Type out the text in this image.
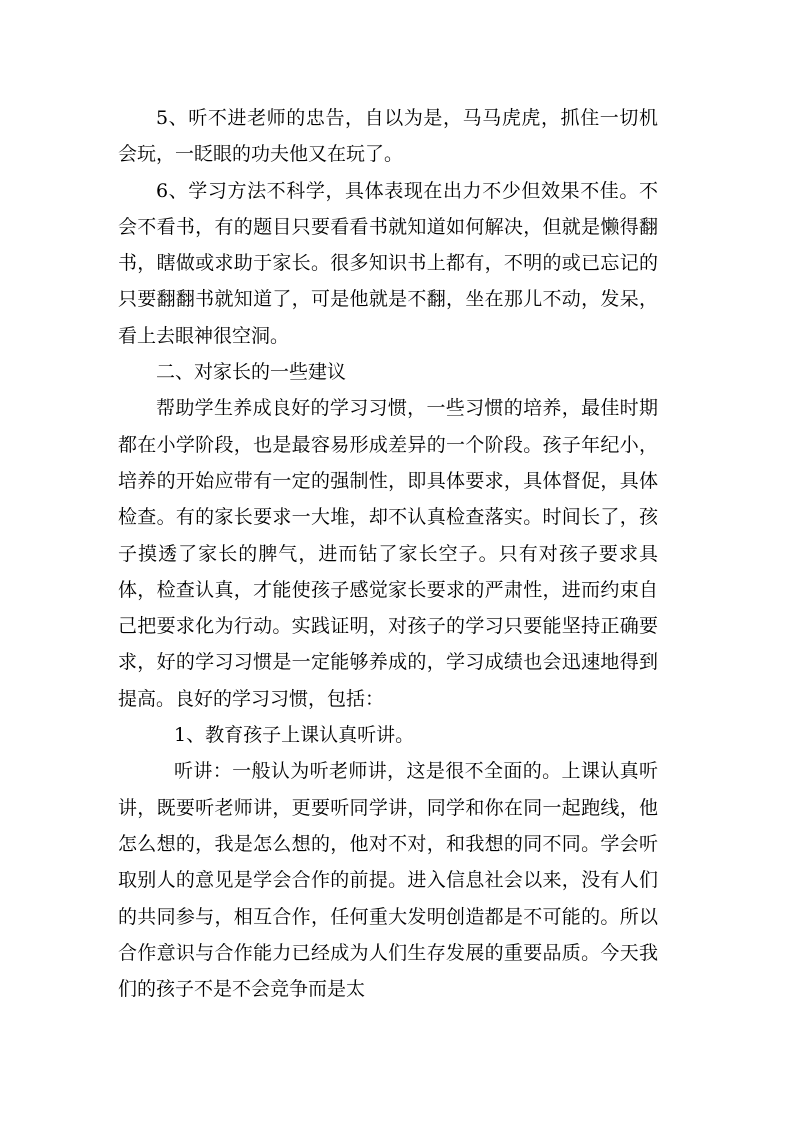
5、听不进老师的忠告，自以为是，马马虎虎，抓住一切机会玩，一眨眼的功夫他又在玩了。

6、学习方法不科学，具体表现在出力不少但效果不佳。不会不看书，有的题目只要看看书就知道如何解决，但就是懒得翻书，瞎做或求助于家长。很多知识书上都有，不明的或已忘记的只要翻翻书就知道了，可是他就是不翻，坐在那儿不动，发呆，看上去眼神很空洞。

二、对家长的一些建议

帮助学生养成良好的学习习惯，一些习惯的培养，最佳时期都在小学阶段，也是最容易形成差异的一个阶段。孩子年纪小，培养的开始应带有一定的强制性，即具体要求，具体督促，具体检查。有的家长要求一大堆，却不认真检查落实。时间长了，孩子摸透了家长的脾气，进而钻了家长空子。只有对孩子要求具体，检查认真，才能使孩子感觉家长要求的严肃性，进而约束自己把要求化为行动。实践证明，对孩子的学习只要能坚持正确要求，好的学习习惯是一定能够养成的，学习成绩也会迅速地得到提高。良好的学习习惯，包括：

1、教育孩子上课认真听讲。

听讲：一般认为听老师讲，这是很不全面的。上课认真听讲，既要听老师讲，更要听同学讲，同学和你在同一起跑线，他怎么想的，我是怎么想的，他对不对，和我想的同不同。学会听取别人的意见是学会合作的前提。进入信息社会以来，没有人们的共同参与，相互合作，任何重大发明创造都是不可能的。所以合作意识与合作能力已经成为人们生存发展的重要品质。今天我们的孩子不是不会竞争而是太
